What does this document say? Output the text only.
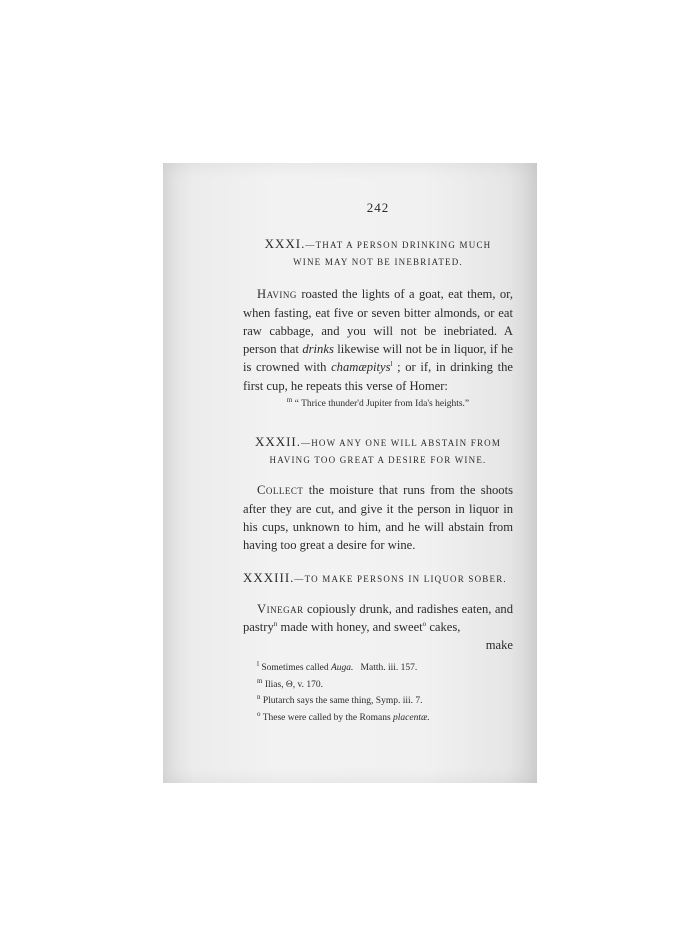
242

XXXI.—THAT A PERSON DRINKING MUCH

WINE MAY NOT BE INEBRIATED.

Having roasted the lights of a goat, eat them, or, when fasting, eat five or seven bitter almonds, or eat raw cabbage, and you will not be inebriated. A person that drinks likewise will not be in liquor, if he is crowned with chamæpitys$^l$ ; or if, in drinking the first cup, he repeats this verse of Homer:

$^m$ “ Thrice thunder'd Jupiter from Ida's heights.”

XXXII.—HOW ANY ONE WILL ABSTAIN FROM

HAVING TOO GREAT A DESIRE FOR WINE.

Collect the moisture that runs from the shoots after they are cut, and give it the person in liquor in his cups, unknown to him, and he will abstain from having too great a desire for wine.

XXXIII.—TO MAKE PERSONS IN LIQUOR SOBER.

Vinegar copiously drunk, and radishes eaten, and pastry$^n$ made with honey, and sweet$^o$ cakes,

make

$^l$ Sometimes called Auga. Matth. iii. 157.
$^m$ Ilias, Θ, v. 170.
$^n$ Plutarch says the same thing, Symp. iii. 7.
$^o$ These were called by the Romans placentæ.
